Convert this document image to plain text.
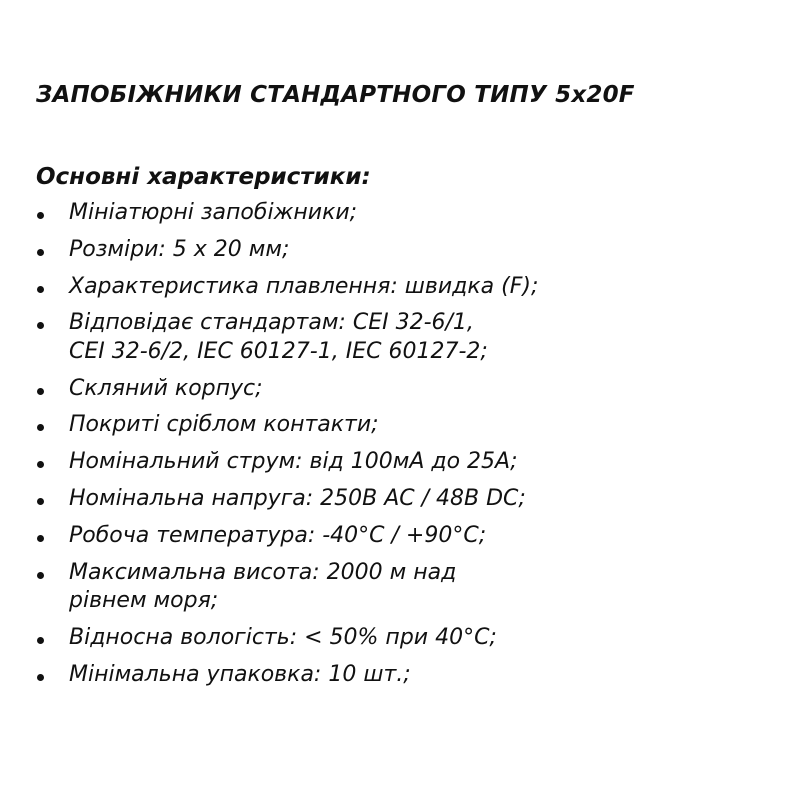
ЗАПОБІЖНИКИ СТАНДАРТНОГО ТИПУ 5x20F
Основні характеристики:
Мініатюрні запобіжники;
Розміри: 5 x 20 мм;
Характеристика плавлення: швидка (F);
Відповідає стандартам: CEI 32-6/1,
CEI 32-6/2, IEC 60127-1, IEC 60127-2;
Скляний корпус;
Покриті сріблом контакти;
Номінальний струм: від 100мА до 25А;
Номінальна напруга: 250В AC / 48В DC;
Робоча температура: -40°C / +90°C;
Максимальна висота: 2000 м над
рівнем моря;
Відносна вологість: < 50% при 40°C;
Мінімальна упаковка: 10 шт.;
